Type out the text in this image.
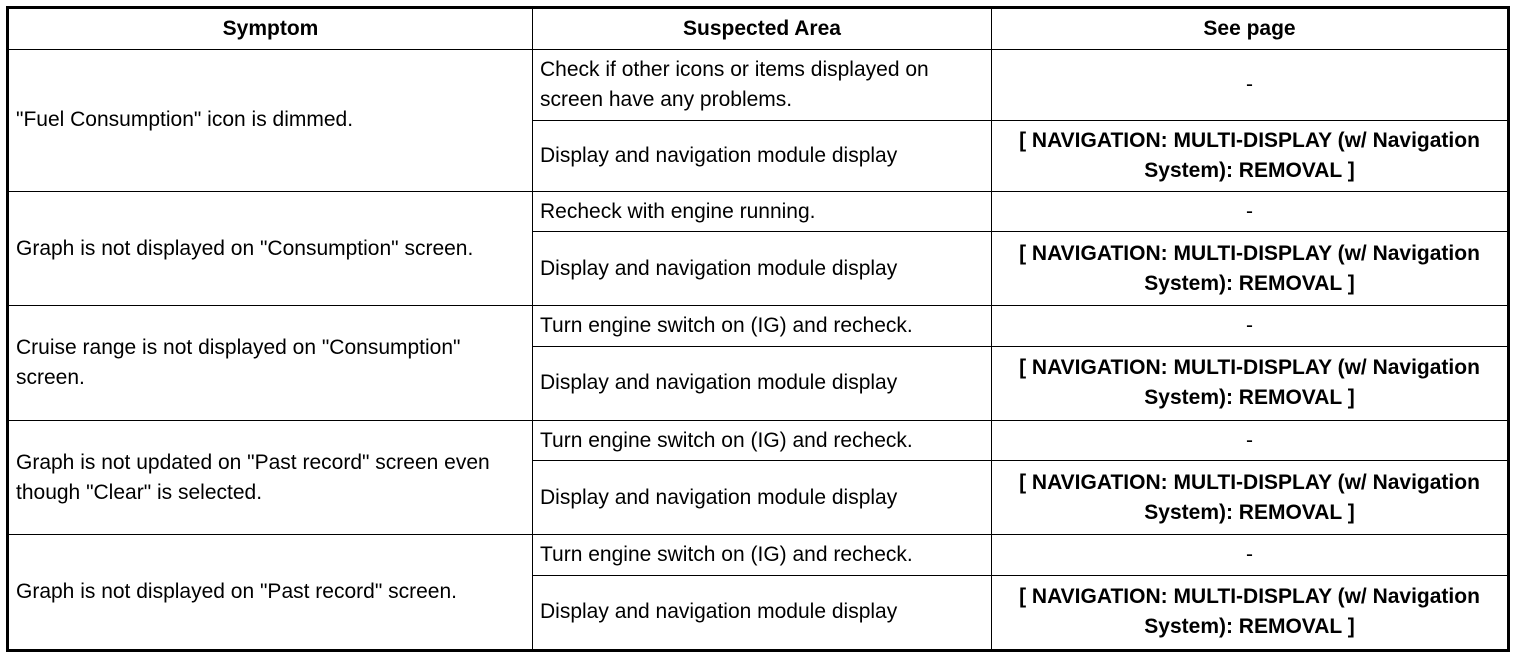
Symptom	Suspected Area	See page
"Fuel Consumption" icon is dimmed.	Check if other icons or items displayed on screen have any problems.	-
	Display and navigation module display	[ NAVIGATION: MULTI-DISPLAY (w/ Navigation System): REMOVAL ]
Graph is not displayed on "Consumption" screen.	Recheck with engine running.	-
	Display and navigation module display	[ NAVIGATION: MULTI-DISPLAY (w/ Navigation System): REMOVAL ]
Cruise range is not displayed on "Consumption" screen.	Turn engine switch on (IG) and recheck.	-
	Display and navigation module display	[ NAVIGATION: MULTI-DISPLAY (w/ Navigation System): REMOVAL ]
Graph is not updated on "Past record" screen even though "Clear" is selected.	Turn engine switch on (IG) and recheck.	-
	Display and navigation module display	[ NAVIGATION: MULTI-DISPLAY (w/ Navigation System): REMOVAL ]
Graph is not displayed on "Past record" screen.	Turn engine switch on (IG) and recheck.	-
	Display and navigation module display	[ NAVIGATION: MULTI-DISPLAY (w/ Navigation System): REMOVAL ]
